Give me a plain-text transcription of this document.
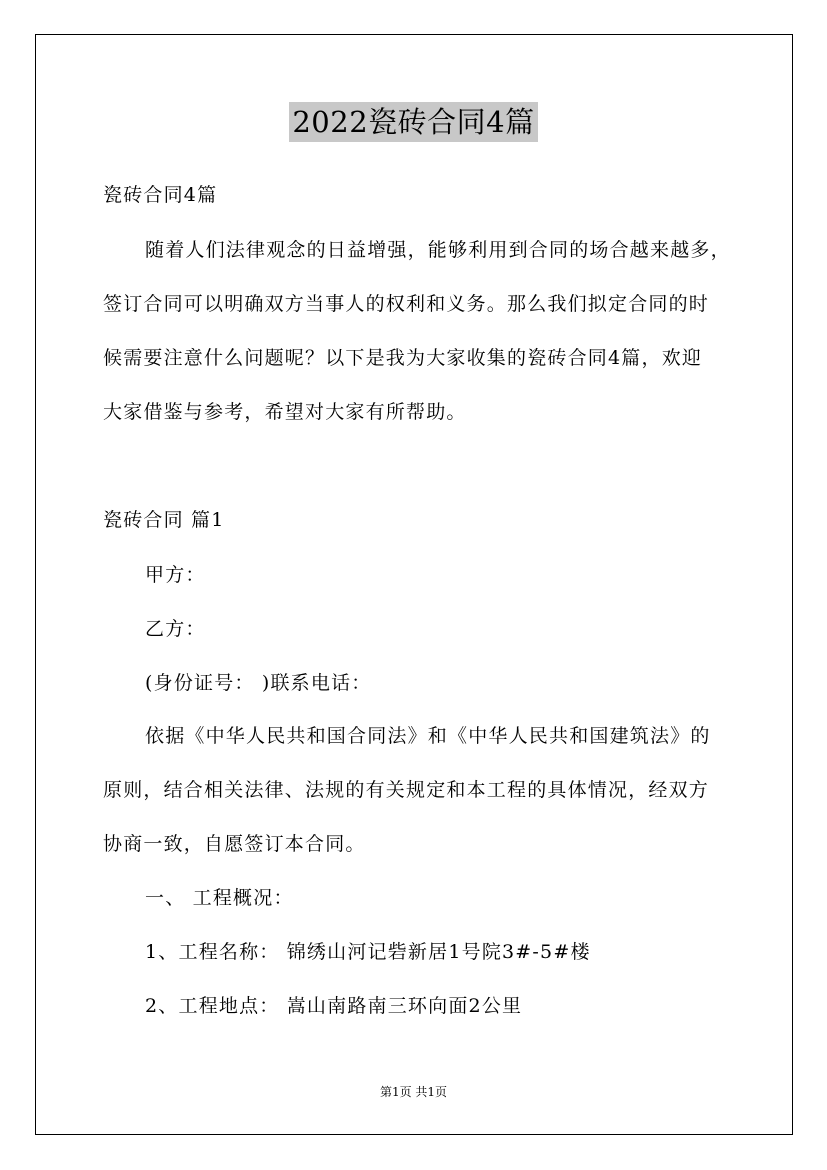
2022瓷砖合同4篇
瓷砖合同4篇
随着人们法律观念的日益增强，能够利用到合同的场合越来越多，
签订合同可以明确双方当事人的权利和义务。那么我们拟定合同的时
候需要注意什么问题呢？以下是我为大家收集的瓷砖合同4篇，欢迎
大家借鉴与参考，希望对大家有所帮助。
瓷砖合同 篇1
甲方：
乙方：
(身份证号： )联系电话：
依据《中华人民共和国合同法》和《中华人民共和国建筑法》的
原则，结合相关法律、法规的有关规定和本工程的具体情况，经双方
协商一致，自愿签订本合同。
一、 工程概况：
1、工程名称： 锦绣山河记砦新居1号院3#-5#楼
2、工程地点： 嵩山南路南三环向面2公里
第1页 共1页
